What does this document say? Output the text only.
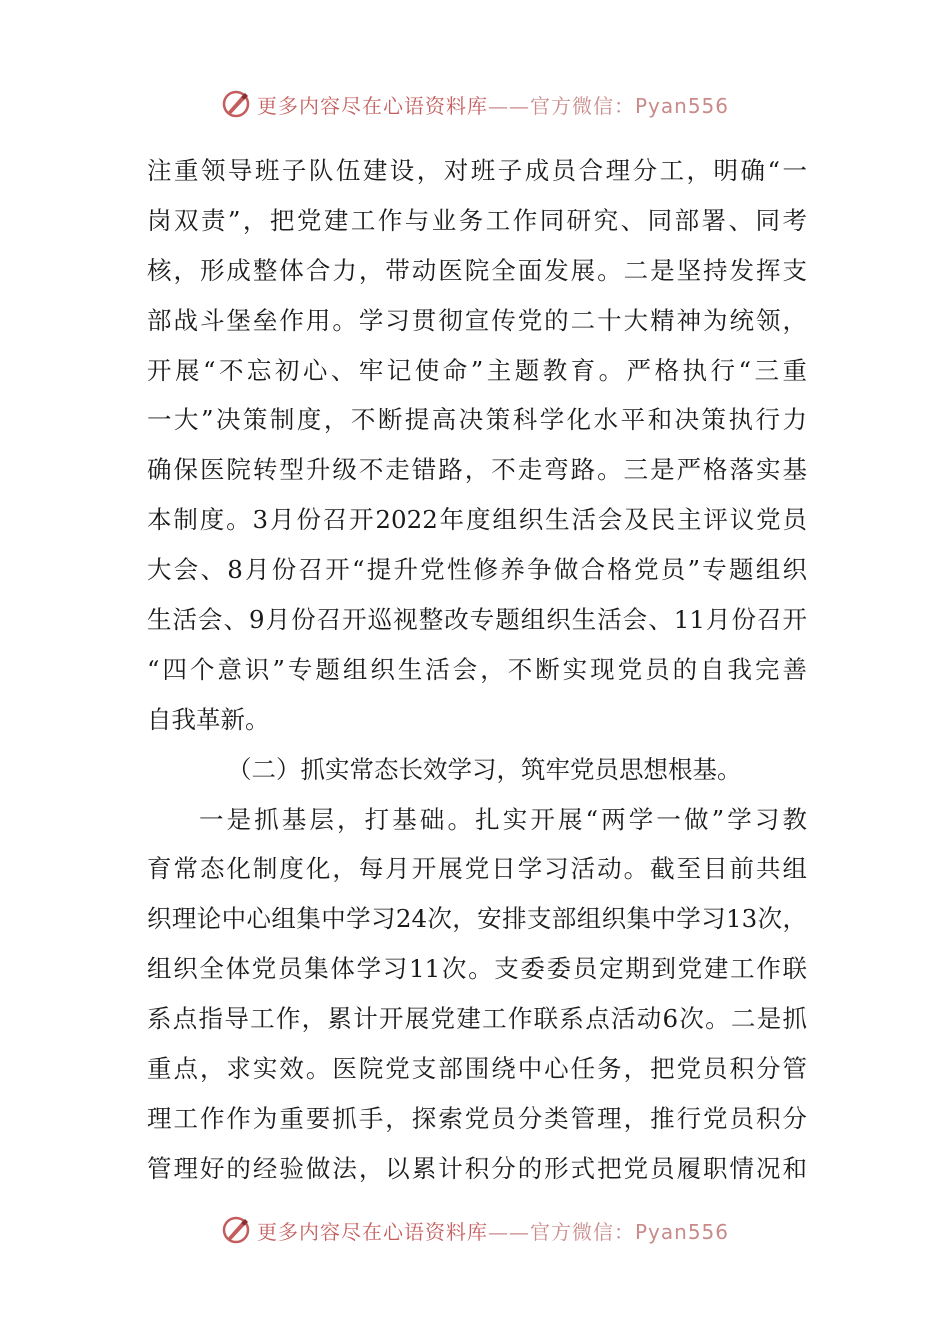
更多内容尽在心语资料库——官方微信：Pyan556
注重领导班子队伍建设，对班子成员合理分工，明确“一
岗双责”，把党建工作与业务工作同研究、同部署、同考
核，形成整体合力，带动医院全面发展。二是坚持发挥支
部战斗堡垒作用。学习贯彻宣传党的二十大精神为统领，
开展“不忘初心、牢记使命”主题教育。严格执行“三重
一大”决策制度，不断提高决策科学化水平和决策执行力
确保医院转型升级不走错路，不走弯路。三是严格落实基
本制度。3月份召开2022年度组织生活会及民主评议党员
大会、8月份召开“提升党性修养争做合格党员”专题组织
生活会、9月份召开巡视整改专题组织生活会、11月份召开
“四个意识”专题组织生活会，不断实现党员的自我完善
自我革新。
（二）抓实常态长效学习，筑牢党员思想根基。
一是抓基层，打基础。扎实开展“两学一做”学习教
育常态化制度化，每月开展党日学习活动。截至目前共组
织理论中心组集中学习24次，安排支部组织集中学习13次，
组织全体党员集体学习11次。支委委员定期到党建工作联
系点指导工作，累计开展党建工作联系点活动6次。二是抓
重点，求实效。医院党支部围绕中心任务，把党员积分管
理工作作为重要抓手，探索党员分类管理，推行党员积分
管理好的经验做法，以累计积分的形式把党员履职情况和
更多内容尽在心语资料库——官方微信：Pyan556
